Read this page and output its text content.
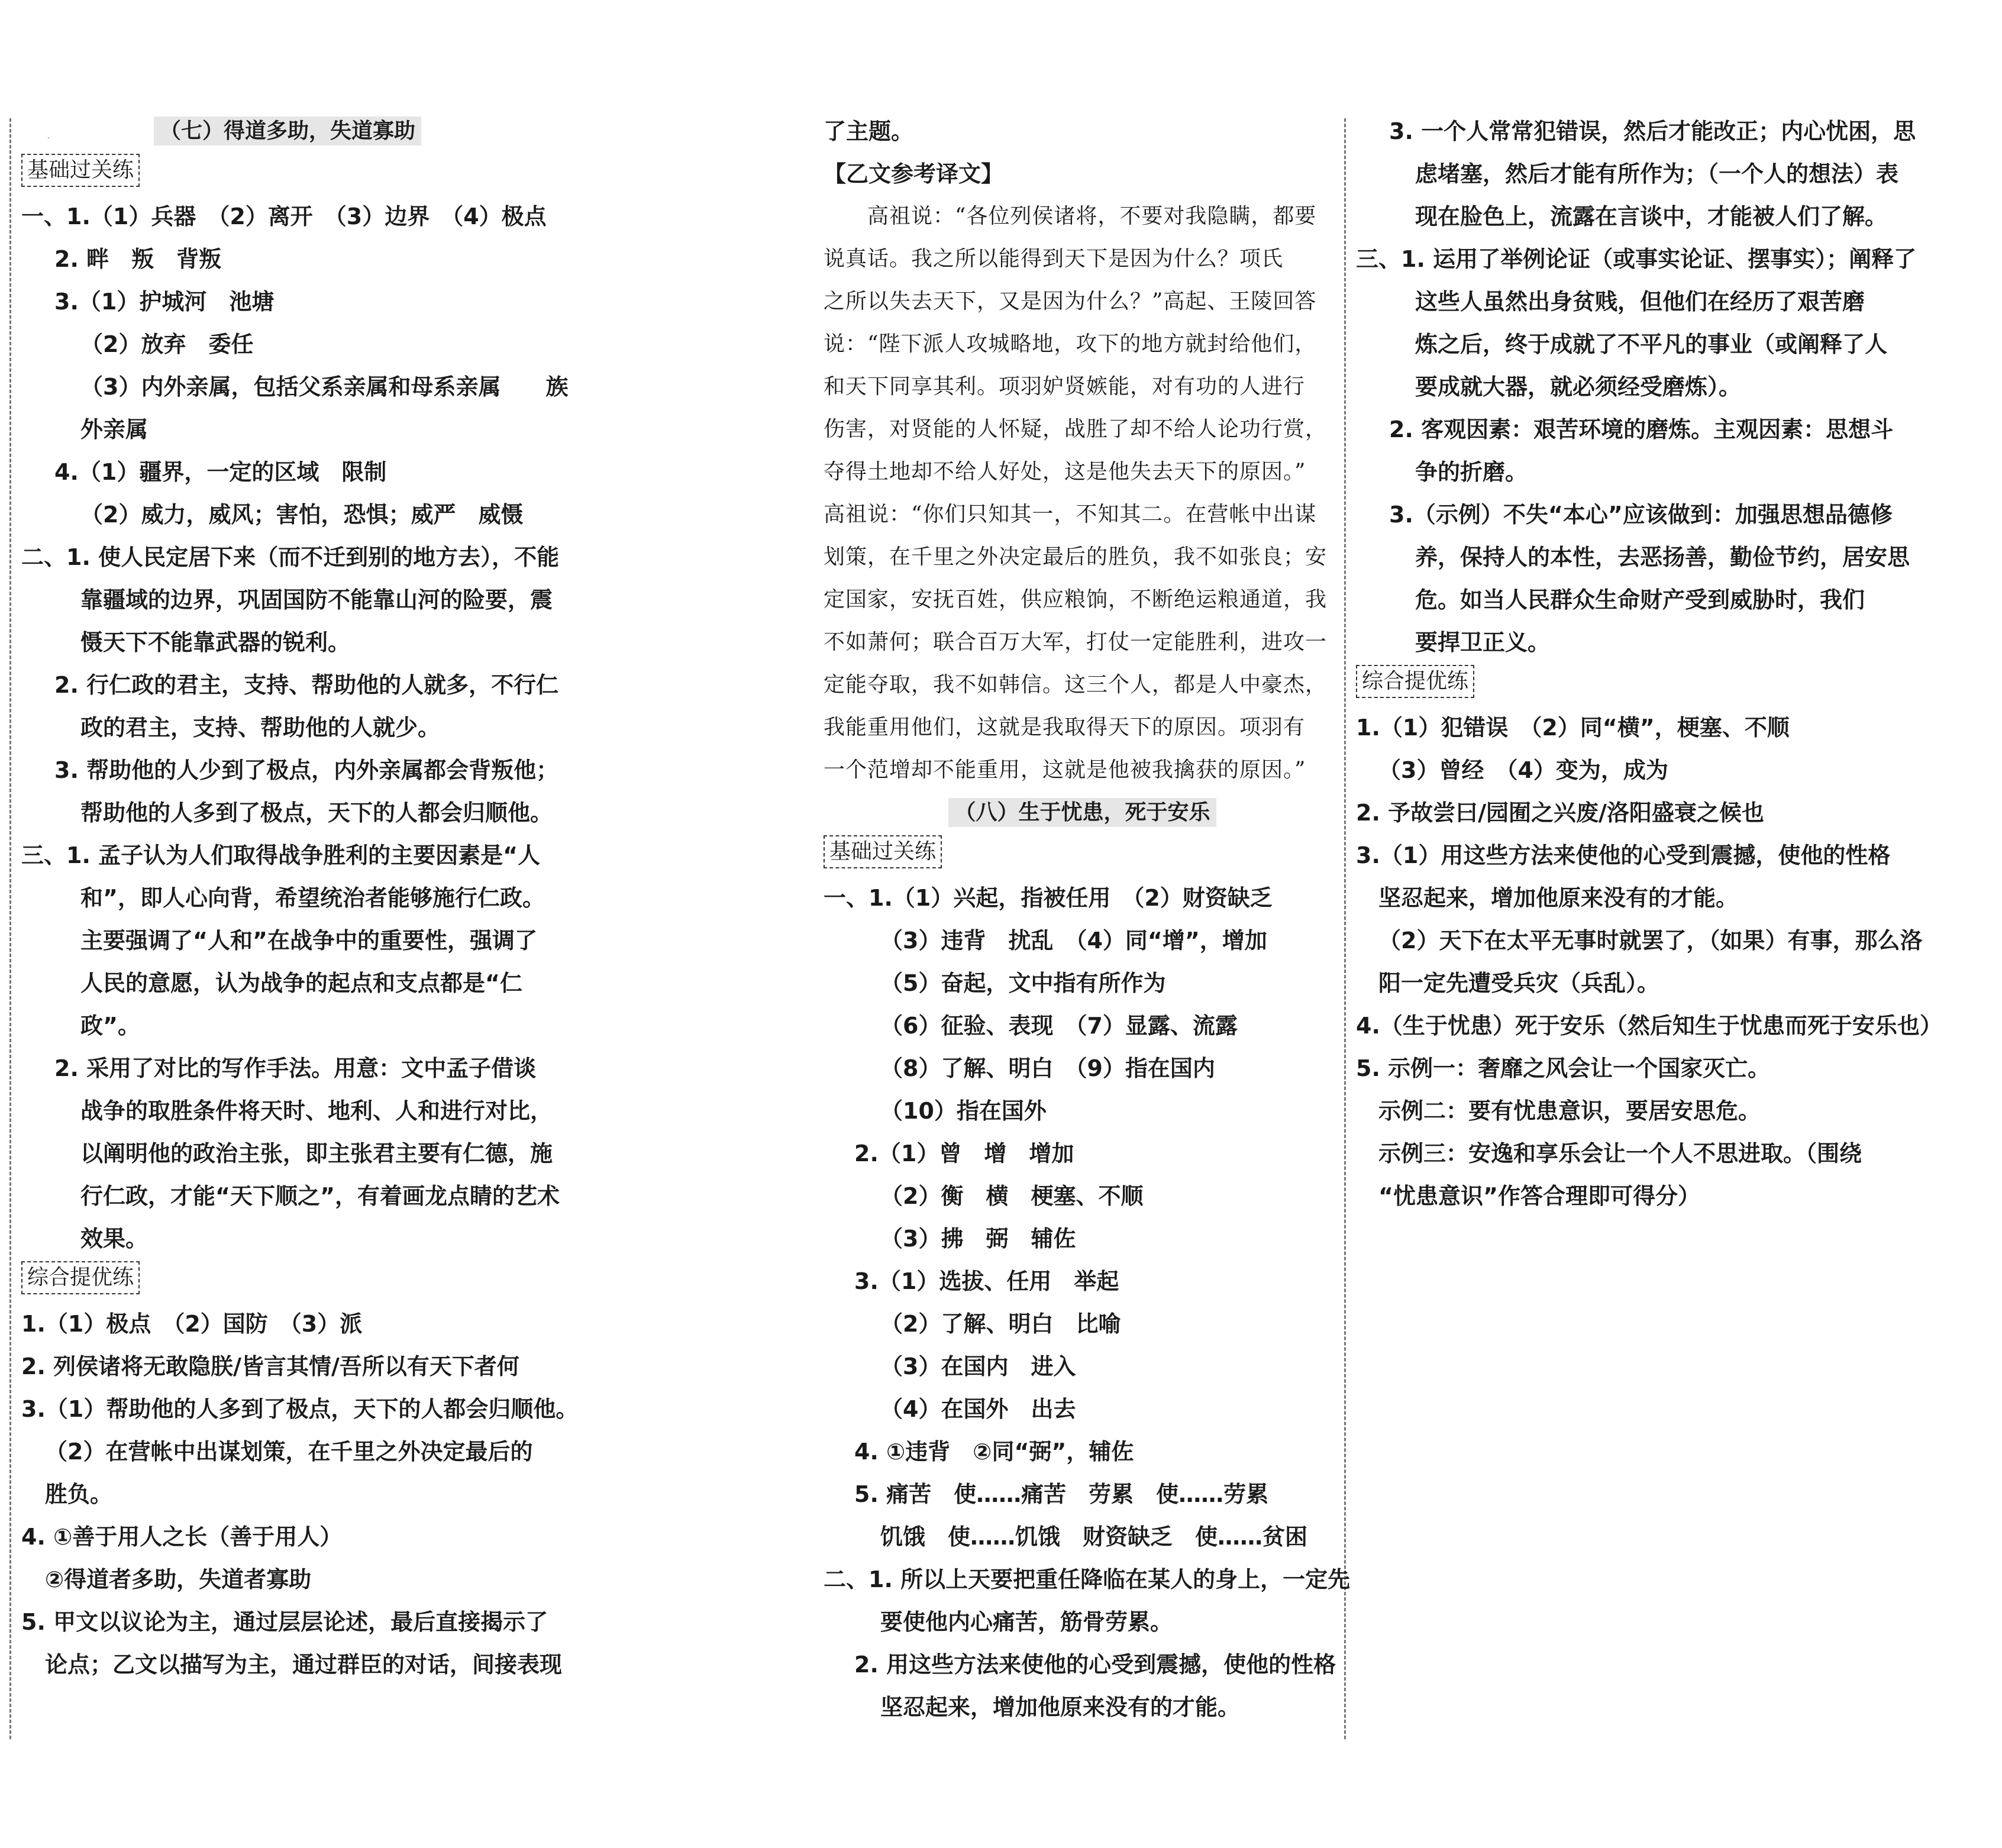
·	（七）得道多助，失道寡助
基础过关练
一、1.（1）兵器　（2）离开　（3）边界　（4）极点
2. 畔　叛　背叛
3.（1）护城河　池塘
（2）放弃　委任
（3）内外亲属，包括父系亲属和母系亲属　　族
外亲属
4.（1）疆界，一定的区域　限制
（2）威力，威风；害怕，恐惧；威严　威慑
二、1. 使人民定居下来（而不迁到别的地方去），不能
靠疆域的边界，巩固国防不能靠山河的险要，震
慑天下不能靠武器的锐利。
2. 行仁政的君主，支持、帮助他的人就多，不行仁
政的君主，支持、帮助他的人就少。
3. 帮助他的人少到了极点，内外亲属都会背叛他；
帮助他的人多到了极点，天下的人都会归顺他。
三、1. 孟子认为人们取得战争胜利的主要因素是“人
和”，即人心向背，希望统治者能够施行仁政。
主要强调了“人和”在战争中的重要性，强调了
人民的意愿，认为战争的起点和支点都是“仁
政”。
2. 采用了对比的写作手法。用意：文中孟子借谈
战争的取胜条件将天时、地利、人和进行对比，
以阐明他的政治主张，即主张君主要有仁德，施
行仁政，才能“天下顺之”，有着画龙点睛的艺术
效果。
综合提优练
1.（1）极点　（2）国防　（3）派
2. 列侯诸将无敢隐朕/皆言其情/吾所以有天下者何
3.（1）帮助他的人多到了极点，天下的人都会归顺他。
（2）在营帐中出谋划策，在千里之外决定最后的
胜负。
4. ①善于用人之长（善于用人）
②得道者多助，失道者寡助
5. 甲文以议论为主，通过层层论述，最后直接揭示了
论点；乙文以描写为主，通过群臣的对话，间接表现
了主题。
【乙文参考译文】
　　高祖说：“各位列侯诸将，不要对我隐瞒，都要
说真话。我之所以能得到天下是因为什么？项氏
之所以失去天下，又是因为什么？”高起、王陵回答
说：“陛下派人攻城略地，攻下的地方就封给他们，
和天下同享其利。项羽妒贤嫉能，对有功的人进行
伤害，对贤能的人怀疑，战胜了却不给人论功行赏，
夺得土地却不给人好处，这是他失去天下的原因。”
高祖说：“你们只知其一，不知其二。在营帐中出谋
划策，在千里之外决定最后的胜负，我不如张良；安
定国家，安抚百姓，供应粮饷，不断绝运粮通道，我
不如萧何；联合百万大军，打仗一定能胜利，进攻一
定能夺取，我不如韩信。这三个人，都是人中豪杰，
我能重用他们，这就是我取得天下的原因。项羽有
一个范增却不能重用，这就是他被我擒获的原因。”
（八）生于忧患，死于安乐
基础过关练
一、1.（1）兴起，指被任用　（2）财资缺乏
（3）违背　扰乱　（4）同“增”，增加
（5）奋起，文中指有所作为
（6）征验、表现　（7）显露、流露
（8）了解、明白　（9）指在国内
（10）指在国外
2.（1）曾　增　增加
（2）衡　横　梗塞、不顺
（3）拂　弼　辅佐
3.（1）选拔、任用　举起
（2）了解、明白　比喻
（3）在国内　进入
（4）在国外　出去
4. ①违背　②同“弼”，辅佐
5. 痛苦　使……痛苦　劳累　使……劳累
饥饿　使……饥饿　财资缺乏　使……贫困
二、1. 所以上天要把重任降临在某人的身上，一定先
要使他内心痛苦，筋骨劳累。
2. 用这些方法来使他的心受到震撼，使他的性格
坚忍起来，增加他原来没有的才能。
3. 一个人常常犯错误，然后才能改正；内心忧困，思
虑堵塞，然后才能有所作为；（一个人的想法）表
现在脸色上，流露在言谈中，才能被人们了解。
三、1. 运用了举例论证（或事实论证、摆事实）；阐释了
这些人虽然出身贫贱，但他们在经历了艰苦磨
炼之后，终于成就了不平凡的事业（或阐释了人
要成就大器，就必须经受磨炼）。
2. 客观因素：艰苦环境的磨炼。主观因素：思想斗
争的折磨。
3.（示例）不失“本心”应该做到：加强思想品德修
养，保持人的本性，去恶扬善，勤俭节约，居安思
危。如当人民群众生命财产受到威胁时，我们
要捍卫正义。
综合提优练
1.（1）犯错误　（2）同“横”，梗塞、不顺
（3）曾经　（4）变为，成为
2. 予故尝曰/园囿之兴废/洛阳盛衰之候也
3.（1）用这些方法来使他的心受到震撼，使他的性格
坚忍起来，增加他原来没有的才能。
（2）天下在太平无事时就罢了，（如果）有事，那么洛
阳一定先遭受兵灾（兵乱）。
4.（生于忧患）死于安乐（然后知生于忧患而死于安乐也）
5. 示例一：奢靡之风会让一个国家灭亡。
示例二：要有忧患意识，要居安思危。
示例三：安逸和享乐会让一个人不思进取。（围绕
“忧患意识”作答合理即可得分）
